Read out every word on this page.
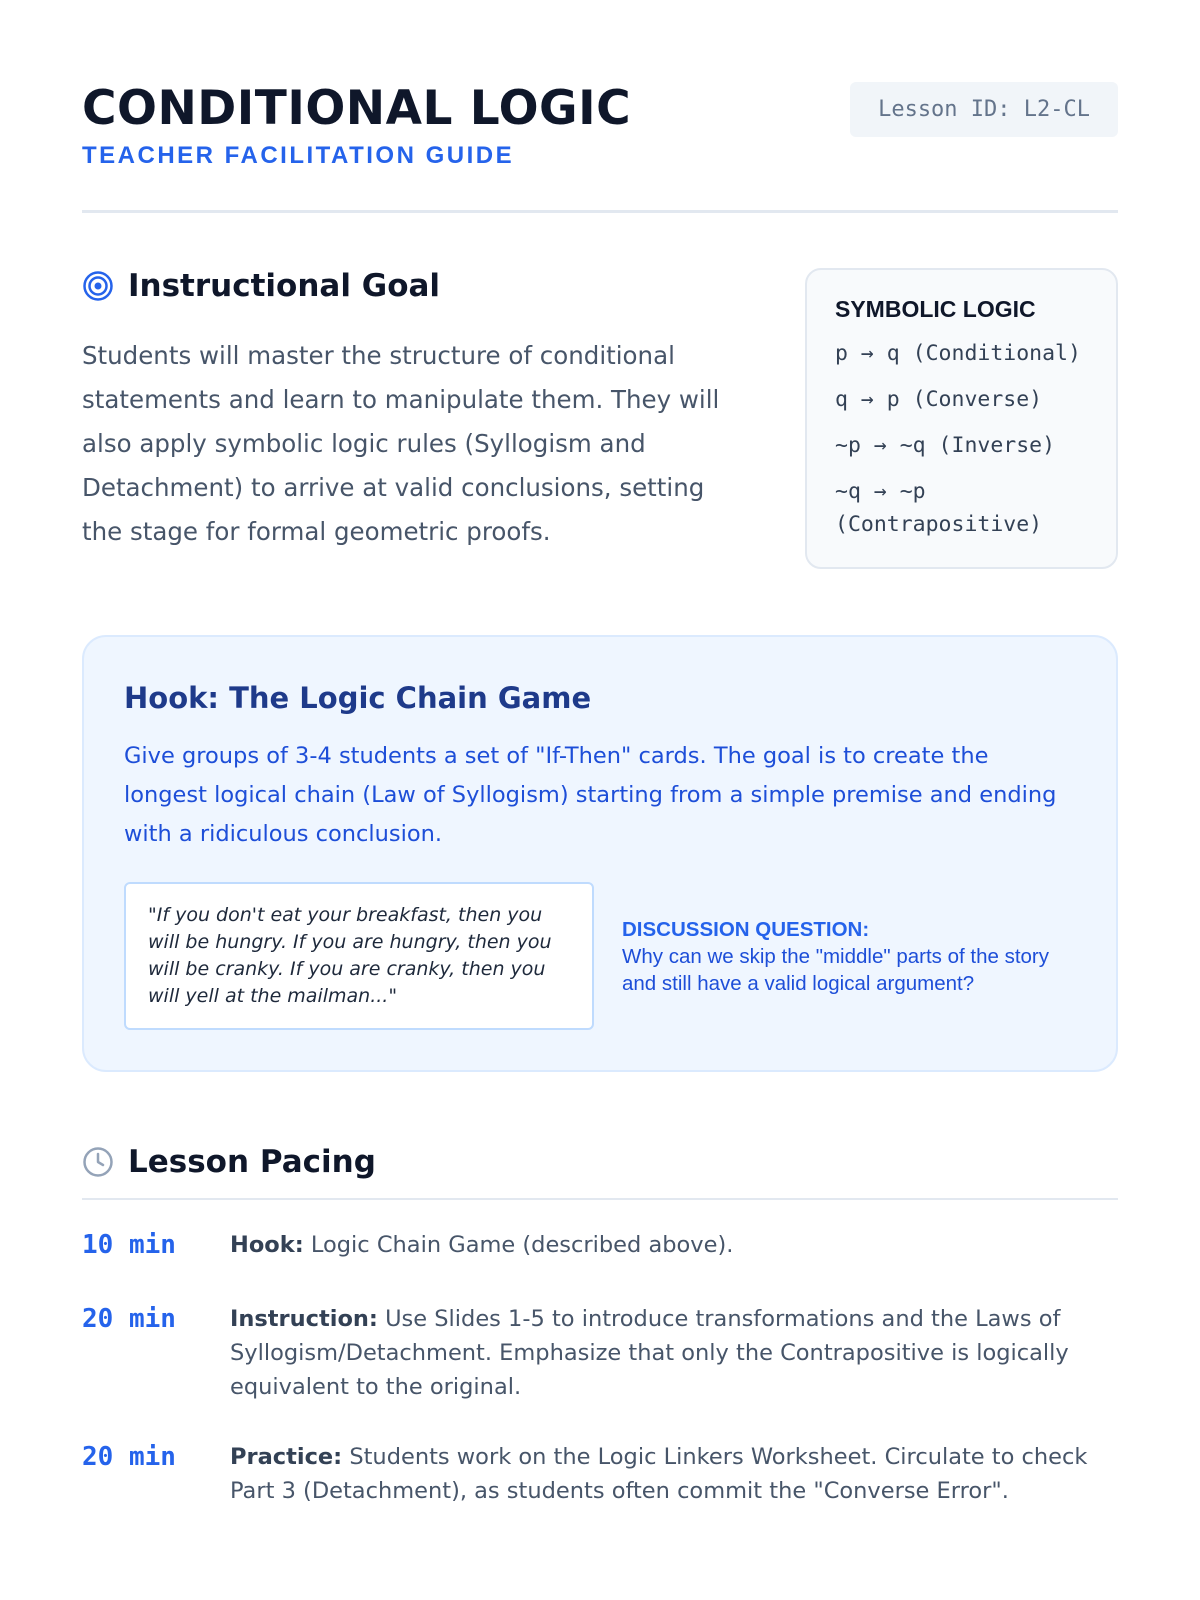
CONDITIONAL LOGIC
TEACHER FACILITATION GUIDE
Lesson ID: L2-CL
Instructional Goal

Students will master the structure of conditional statements and learn to manipulate them. They will also apply symbolic logic rules (Syllogism and Detachment) to arrive at valid conclusions, setting the stage for formal geometric proofs.

SYMBOLIC LOGIC
p → q (Conditional)
q → p (Converse)
~p → ~q (Inverse)
~q → ~p (Contrapositive)
Hook: The Logic Chain Game

Give groups of 3-4 students a set of "If-Then" cards. The goal is to create the longest logical chain (Law of Syllogism) starting from a simple premise and ending with a ridiculous conclusion.

"If you don't eat your breakfast, then you will be hungry. If you are hungry, then you will be cranky. If you are cranky, then you will yell at the mailman..."
DISCUSSION QUESTION:
Why can we skip the "middle" parts of the story and still have a valid logical argument?
Lesson Pacing
10 min	Hook: Logic Chain Game (described above).
20 min	Instruction: Use Slides 1-5 to introduce transformations and the Laws of Syllogism/Detachment. Emphasize that only the Contrapositive is logically equivalent to the original.
20 min	Practice: Students work on the Logic Linkers Worksheet. Circulate to check Part 3 (Detachment), as students often commit the "Converse Error".
